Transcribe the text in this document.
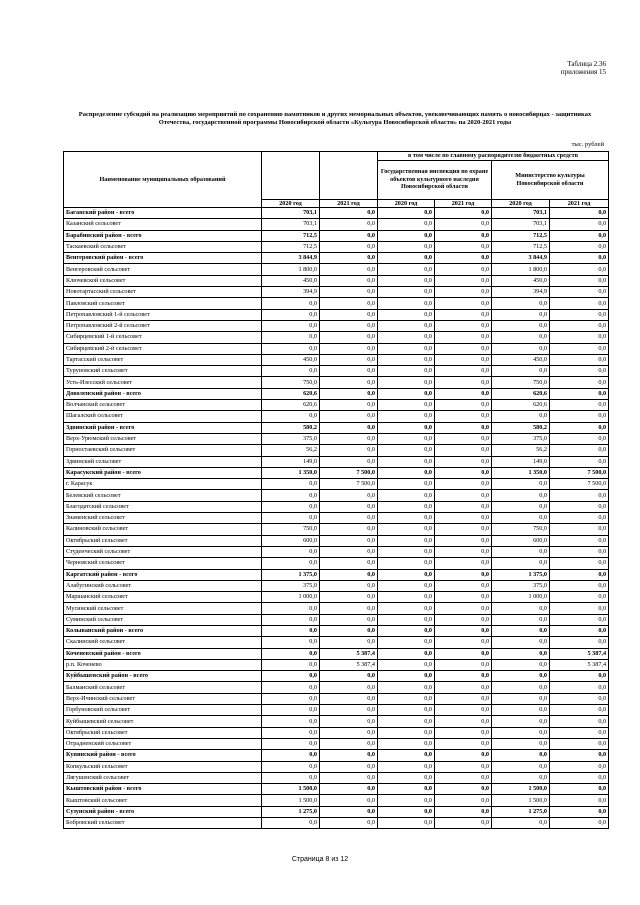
Таблица 2.36
приложения 15
Распределение субсидий на реализацию мероприятий по сохранению памятников и других мемориальных объектов, увековечивающих память о новосибирцах - защитниках Отечества, государственной программы Новосибирской области «Культура Новосибирской области» на 2020-2021 годы
тыс. рублей
Наименование муниципальных образований			в том числе по главному распорядителю бюджетных средств			
			Государственная инспекция по охране объектов культурного наследия Новосибирской области		Министерство культуры Новосибирской области	
	2020 год	2021 год	2020 год	2021 год	2020 год	2021 год
Баганский район - всего	703,1	0,0	0,0	0,0	703,1	0,0
Казанский сельсовет	703,1	0,0	0,0	0,0	703,1	0,0
Барабинский район - всего	712,5	0,0	0,0	0,0	712,5	0,0
Таскаевский сельсовет	712,5	0,0	0,0	0,0	712,5	0,0
Венгеровский район - всего	3 844,9	0,0	0,0	0,0	3 844,9	0,0
Венгеровский сельсовет	1 800,0	0,0	0,0	0,0	1 800,0	0,0
Ключевской сельсовет	450,0	0,0	0,0	0,0	450,0	0,0
Новотартасский сельсовет	394,9	0,0	0,0	0,0	394,9	0,0
Павловский сельсовет	0,0	0,0	0,0	0,0	0,0	0,0
Петропавловский 1-й сельсовет	0,0	0,0	0,0	0,0	0,0	0,0
Петропавловский 2-й сельсовет	0,0	0,0	0,0	0,0	0,0	0,0
Сибирцевский 1-й сельсовет	0,0	0,0	0,0	0,0	0,0	0,0
Сибирцевский 2-й сельсовет	0,0	0,0	0,0	0,0	0,0	0,0
Тартасский сельсовет	450,0	0,0	0,0	0,0	450,0	0,0
Туруновский сельсовет	0,0	0,0	0,0	0,0	0,0	0,0
Усть-Изесский сельсовет	750,0	0,0	0,0	0,0	750,0	0,0
Доволенский район - всего	620,6	0,0	0,0	0,0	620,6	0,0
Волчанский сельсовет	620,6	0,0	0,0	0,0	620,6	0,0
Шагалский сельсовет	0,0	0,0	0,0	0,0	0,0	0,0
Здвинский район - всего	580,2	0,0	0,0	0,0	580,2	0,0
Верх-Урюмский сельсовет	375,0	0,0	0,0	0,0	375,0	0,0
Горностаевский сельсовет	56,2	0,0	0,0	0,0	56,2	0,0
Здвинский сельсовет	149,0	0,0	0,0	0,0	149,0	0,0
Карасукский район - всего	1 350,0	7 500,0	0,0	0,0	1 350,0	7 500,0
г. Карасук	0,0	7 500,0	0,0	0,0	0,0	7 500,0
Белевский сельсовет	0,0	0,0	0,0	0,0	0,0	0,0
Благодатский сельсовет	0,0	0,0	0,0	0,0	0,0	0,0
Знаменский сельсовет	0,0	0,0	0,0	0,0	0,0	0,0
Калиновский сельсовет	750,0	0,0	0,0	0,0	750,0	0,0
Октябрьский сельсовет	600,0	0,0	0,0	0,0	600,0	0,0
Студенческий сельсовет	0,0	0,0	0,0	0,0	0,0	0,0
Черновский сельсовет	0,0	0,0	0,0	0,0	0,0	0,0
Каргатский район - всего	1 375,0	0,0	0,0	0,0	1 375,0	0,0
Алабугинский сельсовет	375,0	0,0	0,0	0,0	375,0	0,0
Маршанский сельсовет	1 000,0	0,0	0,0	0,0	1 000,0	0,0
Мусинский сельсовет	0,0	0,0	0,0	0,0	0,0	0,0
Суминский сельсовет	0,0	0,0	0,0	0,0	0,0	0,0
Колыванский район - всего	0,0	0,0	0,0	0,0	0,0	0,0
Скалинский сельсовет	0,0	0,0	0,0	0,0	0,0	0,0
Коченевский район - всего	0,0	5 387,4	0,0	0,0	0,0	5 387,4
р.п. Коченево	0,0	5 387,4	0,0	0,0	0,0	5 387,4
Куйбышевский район - всего	0,0	0,0	0,0	0,0	0,0	0,0
Балманский сельсовет	0,0	0,0	0,0	0,0	0,0	0,0
Верх-Ичинский сельсовет	0,0	0,0	0,0	0,0	0,0	0,0
Горбуновский сельсовет	0,0	0,0	0,0	0,0	0,0	0,0
Куйбышевский сельсовет	0,0	0,0	0,0	0,0	0,0	0,0
Октябрьский сельсовет	0,0	0,0	0,0	0,0	0,0	0,0
Отрадненский сельсовет	0,0	0,0	0,0	0,0	0,0	0,0
Купинский район - всего	0,0	0,0	0,0	0,0	0,0	0,0
Копкульский сельсовет	0,0	0,0	0,0	0,0	0,0	0,0
Лягушенский сельсовет	0,0	0,0	0,0	0,0	0,0	0,0
Кыштовский район - всего	1 500,0	0,0	0,0	0,0	1 500,0	0,0
Кыштовский сельсовет	1 500,0	0,0	0,0	0,0	1 500,0	0,0
Сузунский район - всего	1 275,0	0,0	0,0	0,0	1 275,0	0,0
Бобровский сельсовет	0,0	0,0	0,0	0,0	0,0	0,0
Страница 8 из 12
